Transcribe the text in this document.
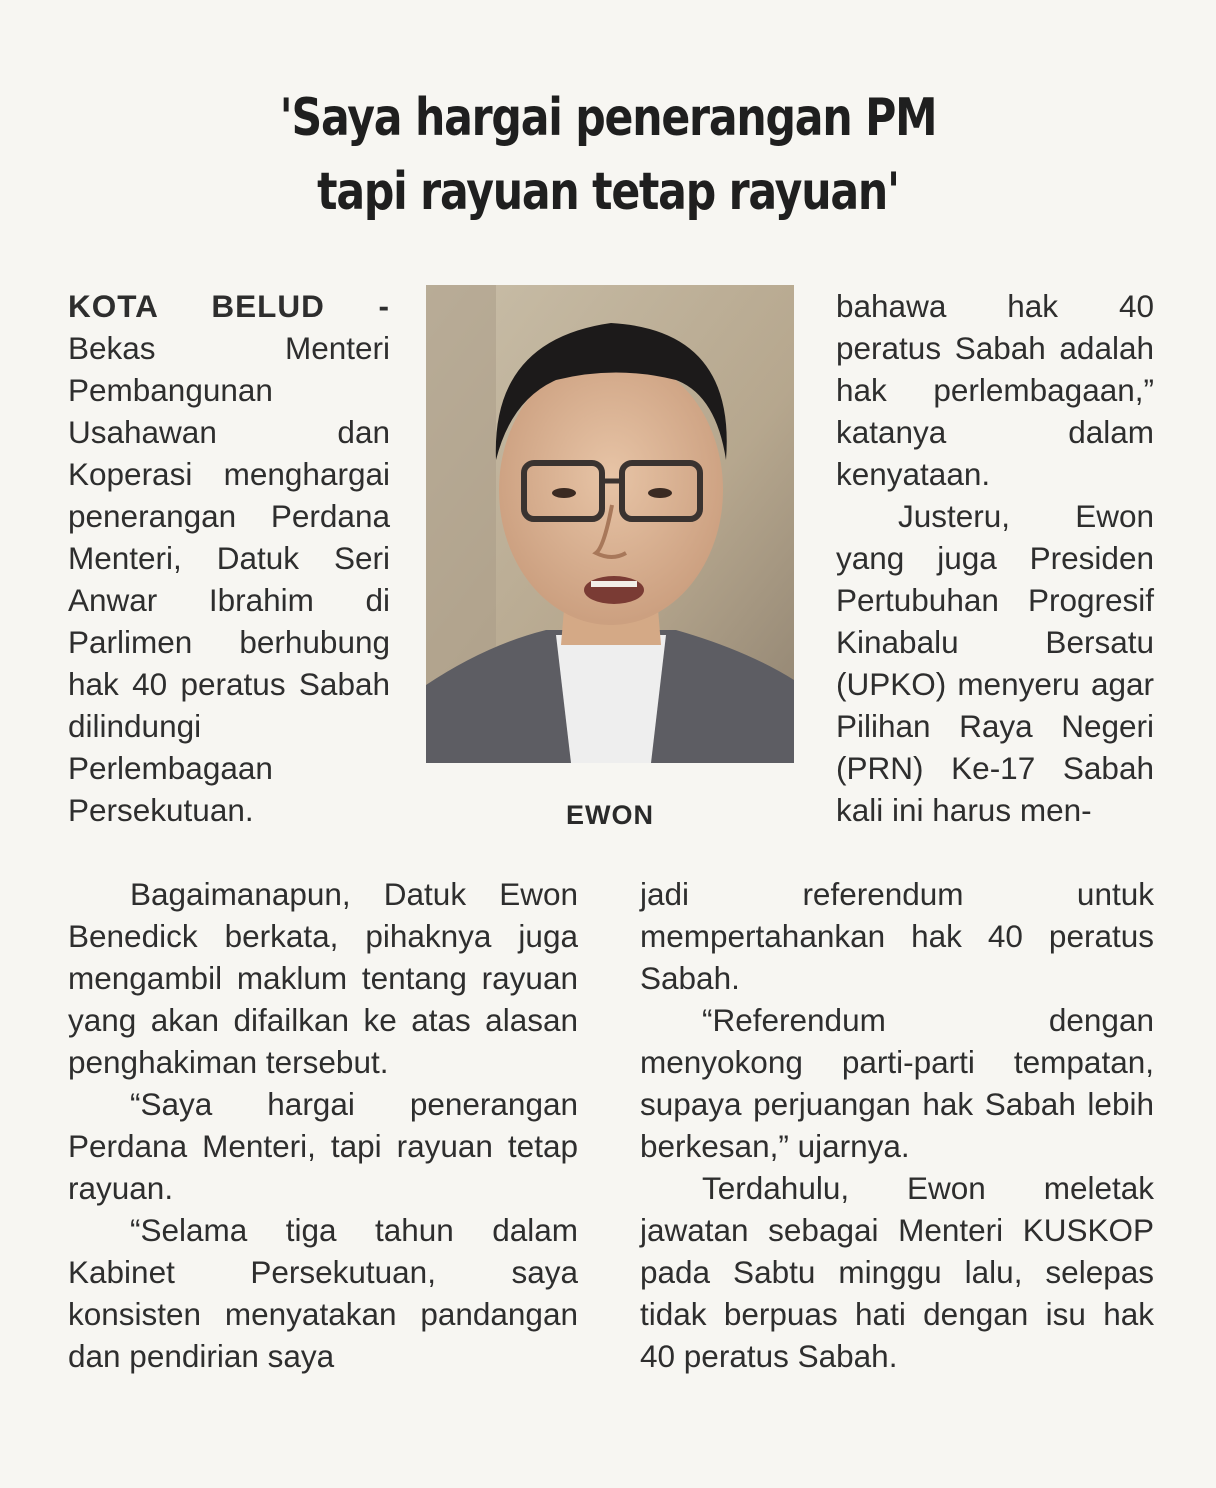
'Saya hargai penerangan PM
tapi rayuan tetap rayuan'

KOTA BELUD - Bekas Menteri Pembangunan Usahawan dan Koperasi menghargai penerangan Perdana Menteri, Datuk Seri Anwar Ibrahim di Parlimen berhubung hak 40 peratus Sabah dilindungi Perlembagaan Persekutuan.	EWON

bahawa hak 40 peratus Sabah adalah hak perlembagaan,” katanya dalam kenyataan.

Justeru, Ewon yang juga Presiden Pertubuhan Progresif Kinabalu Bersatu (UPKO) menyeru agar Pilihan Raya Negeri (PRN) Ke-17 Sabah kali ini harus men-

Bagaimanapun, Datuk Ewon Benedick berkata, pihaknya juga mengambil maklum tentang rayuan yang akan difailkan ke atas alasan penghakiman tersebut.

“Saya hargai penerangan Perdana Menteri, tapi rayuan tetap rayuan.

“Selama tiga tahun dalam Kabinet Persekutuan, saya konsisten menyatakan pandangan dan pendirian saya

jadi referendum untuk mempertahankan hak 40 peratus Sabah.

“Referendum dengan menyokong parti-parti tempatan, supaya perjuangan hak Sabah lebih berkesan,” ujarnya.

Terdahulu, Ewon meletak jawatan sebagai Menteri KUSKOP pada Sabtu minggu lalu, selepas tidak berpuas hati dengan isu hak 40 peratus Sabah.
